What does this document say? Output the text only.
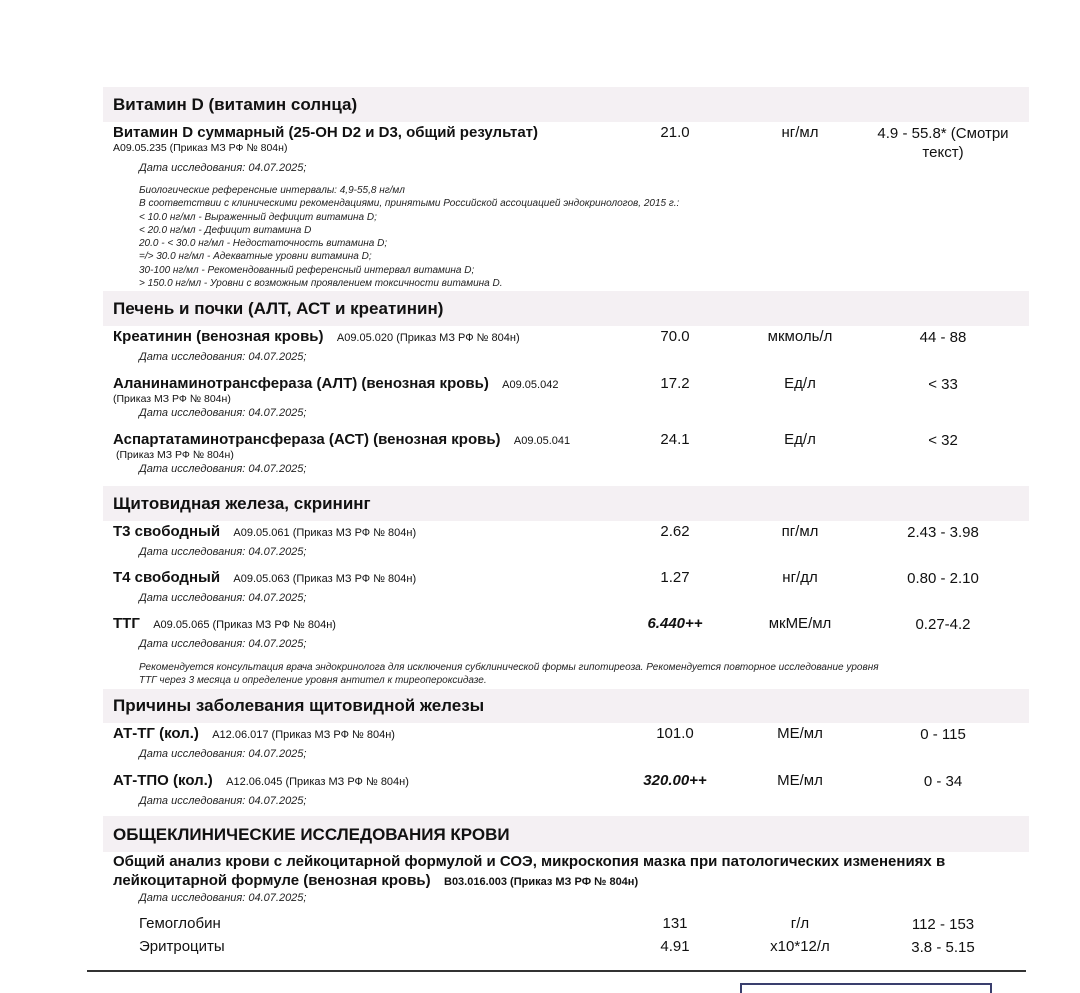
Витамин D (витамин солнца)
Витамин D суммарный (25-OH D2 и D3, общий результат)
A09.05.235 (Приказ МЗ РФ № 804н)
21.0	нг/мл	4.9 - 55.8* (Смотри текст)
Дата исследования: 04.07.2025;
Биологические референсные интервалы: 4,9-55,8 нг/мл
В соответствии с клиническими рекомендациями, принятыми Российской ассоциацией эндокринологов, 2015 г.:
< 10.0 нг/мл - Выраженный дефицит витамина D;
< 20.0 нг/мл - Дефицит витамина D
20.0 - < 30.0 нг/мл - Недостаточность витамина D;
=/> 30.0 нг/мл - Адекватные уровни витамина D;
30-100 нг/мл - Рекомендованный референсный интервал витамина D;
> 150.0 нг/мл - Уровни с возможным проявлением токсичности витамина D.
Печень и почки (АЛТ, АСТ и креатинин)
Креатинин (венозная кровь) A09.05.020 (Приказ МЗ РФ № 804н)	70.0	мкмоль/л	44 - 88
Дата исследования: 04.07.2025;
Аланинаминотрансфераза (АЛТ) (венозная кровь) A09.05.042
(Приказ МЗ РФ № 804н)
17.2	Ед/л	< 33
Дата исследования: 04.07.2025;
Аспартатаминотрансфераза (АСТ) (венозная кровь) A09.05.041
(Приказ МЗ РФ № 804н)
24.1	Ед/л	< 32
Дата исследования: 04.07.2025;
Щитовидная железа, скрининг
Т3 свободный A09.05.061 (Приказ МЗ РФ № 804н)	2.62	пг/мл	2.43 - 3.98
Дата исследования: 04.07.2025;
Т4 свободный A09.05.063 (Приказ МЗ РФ № 804н)	1.27	нг/дл	0.80 - 2.10
Дата исследования: 04.07.2025;
ТТГ A09.05.065 (Приказ МЗ РФ № 804н)	6.440++	мкМЕ/мл	0.27-4.2
Дата исследования: 04.07.2025;
Рекомендуется консультация врача эндокринолога для исключения субклинической формы гипотиреоза. Рекомендуется повторное исследование уровня
ТТГ через 3 месяца и определение уровня антител к тиреопероксидазе.
Причины заболевания щитовидной железы
АТ-ТГ (кол.) A12.06.017 (Приказ МЗ РФ № 804н)	101.0	МЕ/мл	0 - 115
Дата исследования: 04.07.2025;
АТ-ТПО (кол.) A12.06.045 (Приказ МЗ РФ № 804н)	320.00++	МЕ/мл	0 - 34
Дата исследования: 04.07.2025;
ОБЩЕКЛИНИЧЕСКИЕ ИССЛЕДОВАНИЯ КРОВИ
Общий анализ крови с лейкоцитарной формулой и СОЭ, микроскопия мазка при патологических изменениях в
лейкоцитарной формуле (венозная кровь) B03.016.003 (Приказ МЗ РФ № 804н)
Дата исследования: 04.07.2025;
Гемоглобин	131	г/л	112 - 153
Эритроциты	4.91	x10*12/л	3.8 - 5.15
